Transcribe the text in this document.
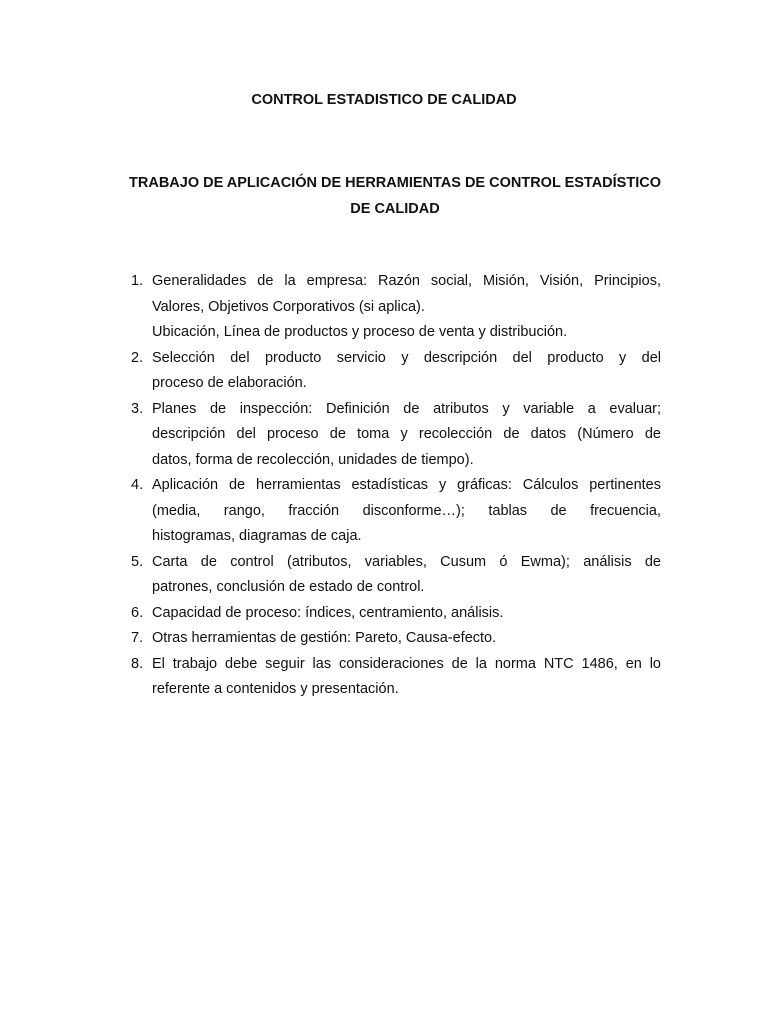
CONTROL ESTADISTICO DE CALIDAD
TRABAJO DE APLICACIÓN DE HERRAMIENTAS DE CONTROL ESTADÍSTICO DE CALIDAD
1. Generalidades de la empresa: Razón social, Misión, Visión, Principios,
Valores, Objetivos Corporativos (si aplica).
Ubicación, Línea de productos y proceso de venta y distribución.
2. Selección del producto servicio y descripción del producto y del
proceso de elaboración.
3. Planes de inspección: Definición de atributos y variable a evaluar;
descripción del proceso de toma y recolección de datos (Número de
datos, forma de recolección, unidades de tiempo).
4. Aplicación de herramientas estadísticas y gráficas: Cálculos pertinentes
(media, rango, fracción disconforme…); tablas de frecuencia,
histogramas, diagramas de caja.
5. Carta de control (atributos, variables, Cusum ó Ewma); análisis de
patrones, conclusión de estado de control.
6. Capacidad de proceso: índices, centramiento, análisis.
7. Otras herramientas de gestión: Pareto, Causa-efecto.
8. El trabajo debe seguir las consideraciones de la norma NTC 1486, en lo
referente a contenidos y presentación.
